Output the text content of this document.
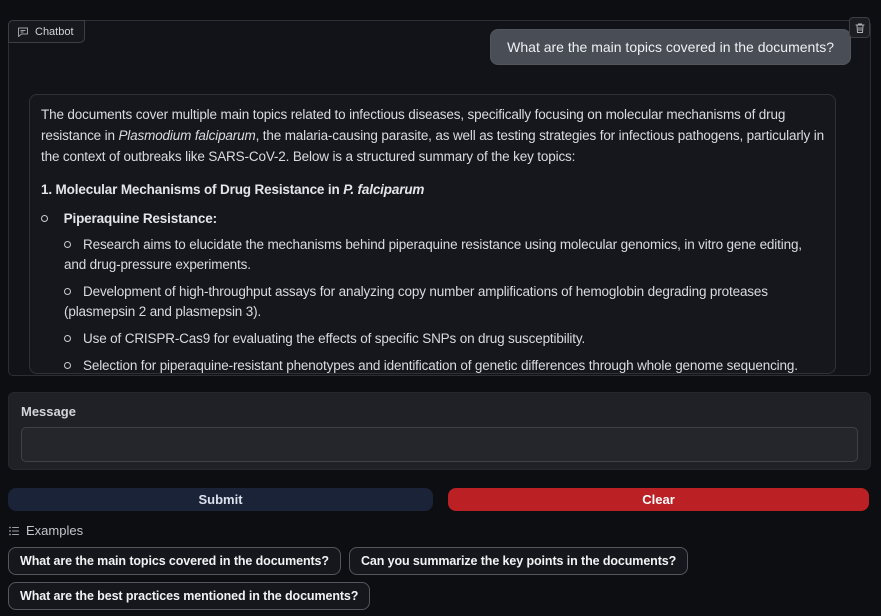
Chatbot
What are the main topics covered in the documents?

The documents cover multiple main topics related to infectious diseases, specifically focusing on molecular mechanisms of drug resistance in Plasmodium falciparum, the malaria-causing parasite, as well as testing strategies for infectious pathogens, particularly in the context of outbreaks like SARS-CoV-2. Below is a structured summary of the key topics:

1. Molecular Mechanisms of Drug Resistance in P. falciparum
Piperaquine Resistance:
Research aims to elucidate the mechanisms behind piperaquine resistance using molecular genomics, in vitro gene editing, and drug-pressure experiments.
Development of high-throughput assays for analyzing copy number amplifications of hemoglobin degrading proteases (plasmepsin 2 and plasmepsin 3).
Use of CRISPR-Cas9 for evaluating the effects of specific SNPs on drug susceptibility.
Selection for piperaquine-resistant phenotypes and identification of genetic differences through whole genome sequencing.
Message
Submit	Clear
Examples
What are the main topics covered in the documents?	Can you summarize the key points in the documents?
What are the best practices mentioned in the documents?
